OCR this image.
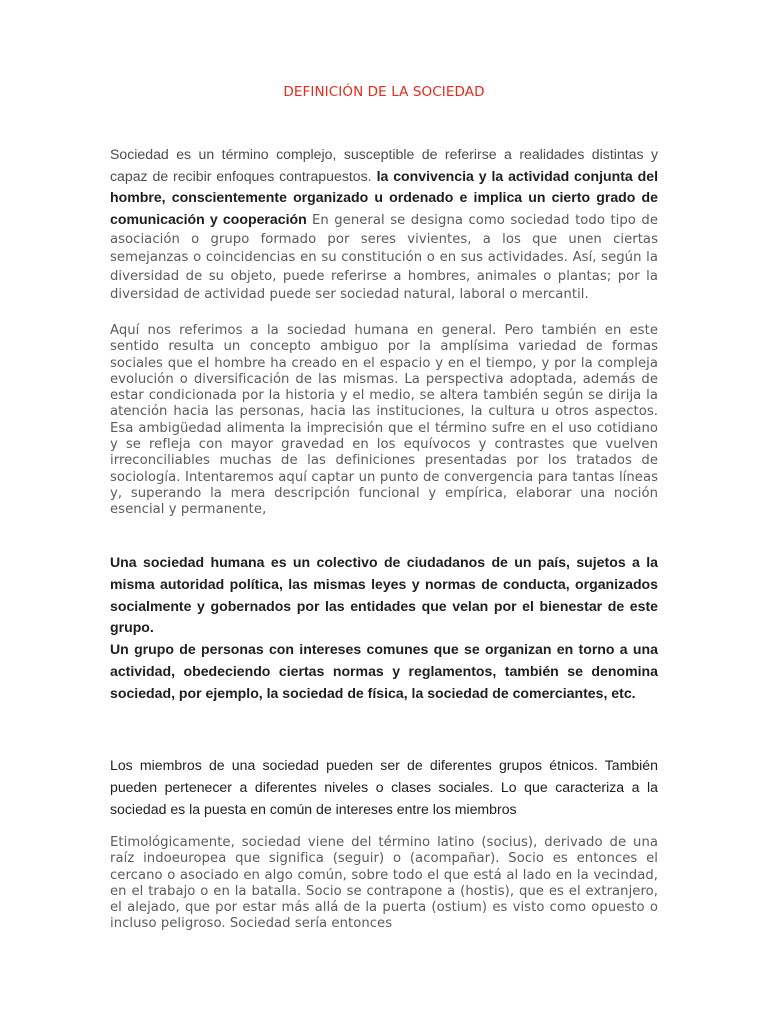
DEFINICIÓN DE LA SOCIEDAD
Sociedad es un término complejo, susceptible de referirse a realidades distintas y capaz de recibir enfoques contrapuestos. la convivencia y la actividad conjunta del hombre, conscientemente organizado u ordenado e implica un cierto grado de comunicación y cooperación En general se designa como sociedad todo tipo de asociación o grupo formado por seres vivientes, a los que unen ciertas semejanzas o coincidencias en su constitución o en sus actividades. Así, según la diversidad de su objeto, puede referirse a hombres, animales o plantas; por la diversidad de actividad puede ser sociedad natural, laboral o mercantil.
Aquí nos referimos a la sociedad humana en general. Pero también en este sentido resulta un concepto ambiguo por la amplísima variedad de formas sociales que el hombre ha creado en el espacio y en el tiempo, y por la compleja evolución o diversificación de las mismas. La perspectiva adoptada, además de estar condicionada por la historia y el medio, se altera también según se dirija la atención hacia las personas, hacia las instituciones, la cultura u otros aspectos. Esa ambigüedad alimenta la imprecisión que el término sufre en el uso cotidiano y se refleja con mayor gravedad en los equívocos y contrastes que vuelven irreconciliables muchas de las definiciones presentadas por los tratados de sociología. Intentaremos aquí captar un punto de convergencia para tantas líneas y, superando la mera descripción funcional y empírica, elaborar una noción esencial y permanente,
Una sociedad humana es un colectivo de ciudadanos de un país, sujetos a la misma autoridad política, las mismas leyes y normas de conducta, organizados socialmente y gobernados por las entidades que velan por el bienestar de este grupo.
Un grupo de personas con intereses comunes que se organizan en torno a una actividad, obedeciendo ciertas normas y reglamentos, también se denomina sociedad, por ejemplo, la sociedad de física, la sociedad de comerciantes, etc.
Los miembros de una sociedad pueden ser de diferentes grupos étnicos. También pueden pertenecer a diferentes niveles o clases sociales. Lo que caracteriza a la sociedad es la puesta en común de intereses entre los miembros
Etimológicamente, sociedad viene del término latino (socius), derivado de una raíz indoeuropea que significa (seguir) o (acompañar). Socio es entonces el cercano o asociado en algo común, sobre todo el que está al lado en la vecindad, en el trabajo o en la batalla. Socio se contrapone a (hostis), que es el extranjero, el alejado, que por estar más allá de la puerta (ostium) es visto como opuesto o incluso peligroso. Sociedad sería entonces
